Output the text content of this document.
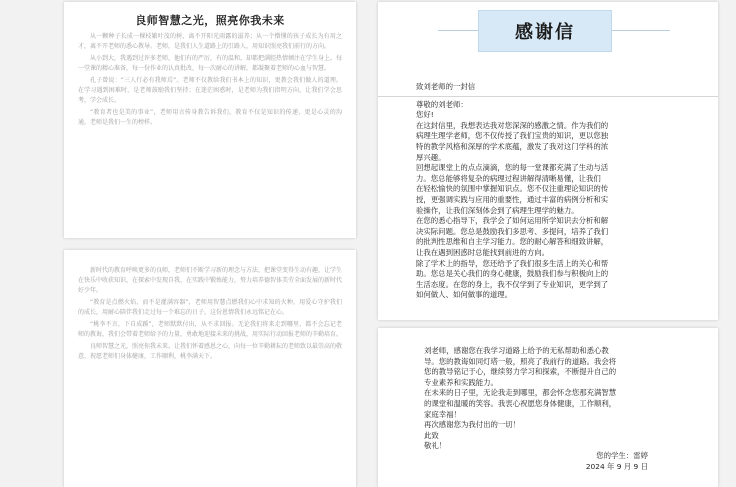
良师智慧之光，照亮你我未来

从一颗种子长成一棵枝繁叶茂的树，离不开阳光雨露的滋养；从一个懵懂的孩子成长为有用之才，离不开老师的悉心教导。老师，是我们人生道路上的引路人，用知识照亮我们前行的方向。

从小到大，我遇到过许多老师，他们有的严厉，有的温和，却都把满腔热情倾注在学生身上。每一堂课的精心准备，每一份作业的认真批改，每一次耐心的讲解，都凝聚着老师的心血与智慧。

孔子曾说：“三人行必有我师焉”。老师不仅教给我们书本上的知识，更教会我们做人的道理。在学习遇到困难时，是老师鼓励我们坚持；在迷茫困惑时，是老师为我们指明方向，让我们学会思考，学会成长。

“教育者也是美的事业”，老师用言传身教告诉我们，教育不仅是知识的传递，更是心灵的沟通，老师是我们一生的榜样。

新时代的教育呼唤更多的良师，老师们不断学习新的理念与方法，把课堂变得生动有趣，让学生在快乐中收获知识，在探索中发现自我，在实践中锻炼能力，努力培养德智体美劳全面发展的新时代好少年。

“教育是点燃火焰，而不是灌满容器”，老师用智慧点燃我们心中求知的火种，用爱心守护我们的成长，用耐心陪伴我们走过每一个难忘的日子，这份恩情我们永远铭记在心。

“桃李不言，下自成蹊”，老师默默付出，从不求回报。无论我们将来走到哪里，都不会忘记老师的教诲，我们会带着老师给予的力量，勇敢地迎接未来的挑战，用实际行动回报老师的辛勤培育。

良师智慧之光，照亮你我未来。让我们怀着感恩之心，向每一位辛勤耕耘的老师致以最崇高的敬意，祝愿老师们身体健康，工作顺利，桃李满天下。

感谢信

致刘老师的一封信

尊敬的刘老师：

您好!

在这封信里，我想表达我对您深深的感激之情。作为我们的

病理生理学老师，您不仅传授了我们宝贵的知识，更以您独

特的教学风格和深厚的学术底蕴，激发了我对这门学科的浓

厚兴趣。

回想起课堂上的点点滴滴，您的每一堂课都充满了生动与活

力。您总能够将复杂的病理过程讲解得清晰易懂，让我们

在轻松愉快的氛围中掌握知识点。您不仅注重理论知识的传

授，更强调实践与应用的重要性，通过丰富的病例分析和实

验操作，让我们深刻体会到了病理生理学的魅力。

在您的悉心指导下，我学会了如何运用所学知识去分析和解

决实际问题。您总是鼓励我们多思考、多提问，培养了我们

的批判性思维和自主学习能力。您的耐心解答和细致讲解，

让我在遇到困惑时总能找到前进的方向。

除了学术上的指导，您还给予了我们很多生活上的关心和帮

助。您总是关心我们的身心健康，鼓励我们参与积极向上的

生活态度。在您的身上，我不仅学到了专业知识，更学到了

如何做人、如何做事的道理。

刘老师，感谢您在我学习道路上给予的无私帮助和悉心教

导。您的教诲如同灯塔一般，照亮了我前行的道路。我会将

您的教导铭记于心，继续努力学习和探索，不断提升自己的

专业素养和实践能力。

在未来的日子里，无论我走到哪里，都会怀念您那充满智慧

的课堂和温暖的笑容。我衷心祝愿您身体健康，工作顺利，

家庭幸福！

再次感谢您为我付出的一切！

此致

敬礼！

您的学生：雷婷
2024 年 9 月 9 日
